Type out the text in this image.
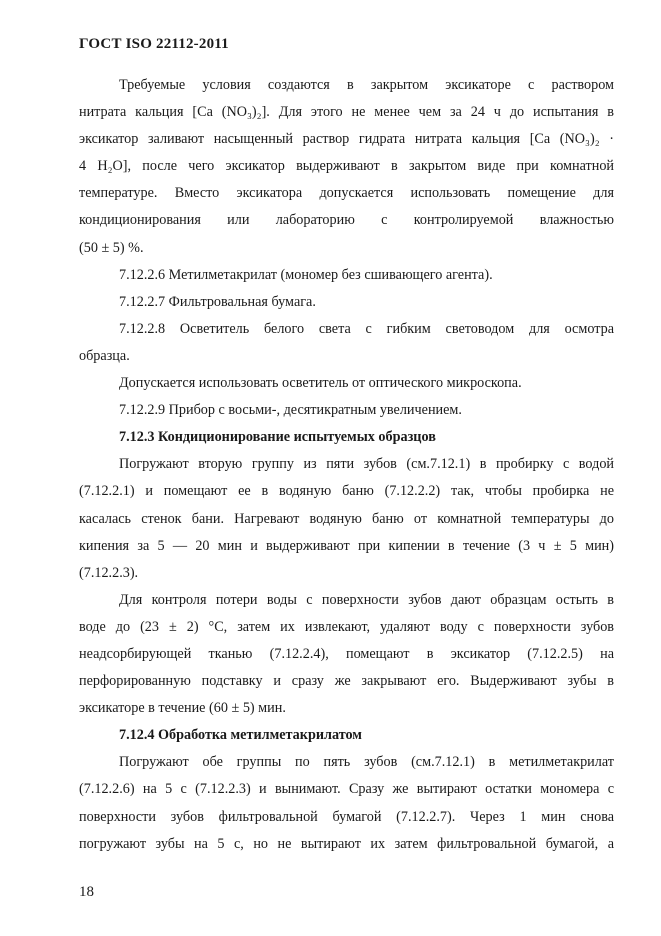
ГОСТ ISO 22112-2011
Требуемые условия создаются в закрытом эксикаторе с раствором
нитрата кальция [Ca (NO₃)₂]. Для этого не менее чем за 24 ч до испытания в
эксикатор заливают насыщенный раствор гидрата нитрата кальция [Ca (NO₃)₂ ·
4 H₂O], после чего эксикатор выдерживают в закрытом виде при комнатной
температуре. Вместо эксикатора допускается использовать помещение для
кондиционирования или лабораторию с контролируемой влажностью
(50 ± 5) %.
7.12.2.6 Метилметакрилат (мономер без сшивающего агента).
7.12.2.7 Фильтровальная бумага.
7.12.2.8 Осветитель белого света с гибким световодом для осмотра
образца.
Допускается использовать осветитель от оптического микроскопа.
7.12.2.9 Прибор с восьми-, десятикратным увеличением.
7.12.3 Кондиционирование испытуемых образцов
Погружают вторую группу из пяти зубов (см.7.12.1) в пробирку с водой
(7.12.2.1) и помещают ее в водяную баню (7.12.2.2) так, чтобы пробирка не
касалась стенок бани. Нагревают водяную баню от комнатной температуры до
кипения за 5 — 20 мин и выдерживают при кипении в течение (3 ч ± 5 мин)
(7.12.2.3).
Для контроля потери воды с поверхности зубов дают образцам остыть в
воде до (23 ± 2) °C, затем их извлекают, удаляют воду с поверхности зубов
неадсорбирующей тканью (7.12.2.4), помещают в эксикатор (7.12.2.5) на
перфорированную подставку и сразу же закрывают его. Выдерживают зубы в
эксикаторе в течение (60 ± 5) мин.
7.12.4 Обработка метилметакрилатом
Погружают обе группы по пять зубов (см.7.12.1) в метилметакрилат
(7.12.2.6) на 5 с (7.12.2.3) и вынимают. Сразу же вытирают остатки мономера с
поверхности зубов фильтровальной бумагой (7.12.2.7). Через 1 мин снова
погружают зубы на 5 с, но не вытирают их затем фильтровальной бумагой, а
18
